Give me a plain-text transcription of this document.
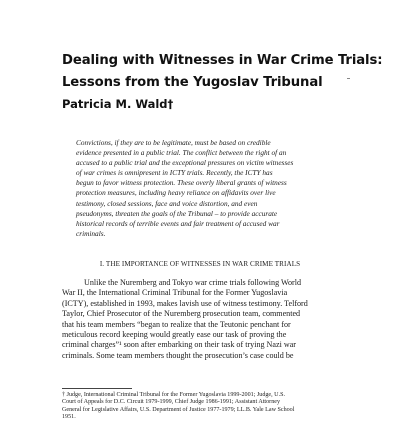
Dealing with Witnesses in War Crime Trials:
Lessons from the Yugoslav Tribunal
Patricia M. Wald†
Convictions, if they are to be legitimate, must be based on credible
evidence presented in a public trial. The conflict between the right of an
accused to a public trial and the exceptional pressures on victim witnesses
of war crimes is omnipresent in ICTY trials. Recently, the ICTY has
begun to favor witness protection. These overly liberal grants of witness
protection measures, including heavy reliance on affidavits over live
testimony, closed sessions, face and voice distortion, and even
pseudonyms, threaten the goals of the Tribunal – to provide accurate
historical records of terrible events and fair treatment of accused war
criminals.
I. THE IMPORTANCE OF WITNESSES IN WAR CRIME TRIALS
Unlike the Nuremberg and Tokyo war crime trials following World
War II, the International Criminal Tribunal for the Former Yugoslavia
(ICTY), established in 1993, makes lavish use of witness testimony. Telford
Taylor, Chief Prosecutor of the Nuremberg prosecution team, commented
that his team members “began to realize that the Teutonic penchant for
meticulous record keeping would greatly ease our task of proving the
criminal charges”¹ soon after embarking on their task of trying Nazi war
criminals. Some team members thought the prosecution’s case could be
† Judge, International Criminal Tribunal for the Former Yugoslavia 1999-2001; Judge, U.S.
Court of Appeals for D.C. Circuit 1979-1999, Chief Judge 1986-1991; Assistant Attorney
General for Legislative Affairs, U.S. Department of Justice 1977-1979; LL.B. Yale Law School
1951.
